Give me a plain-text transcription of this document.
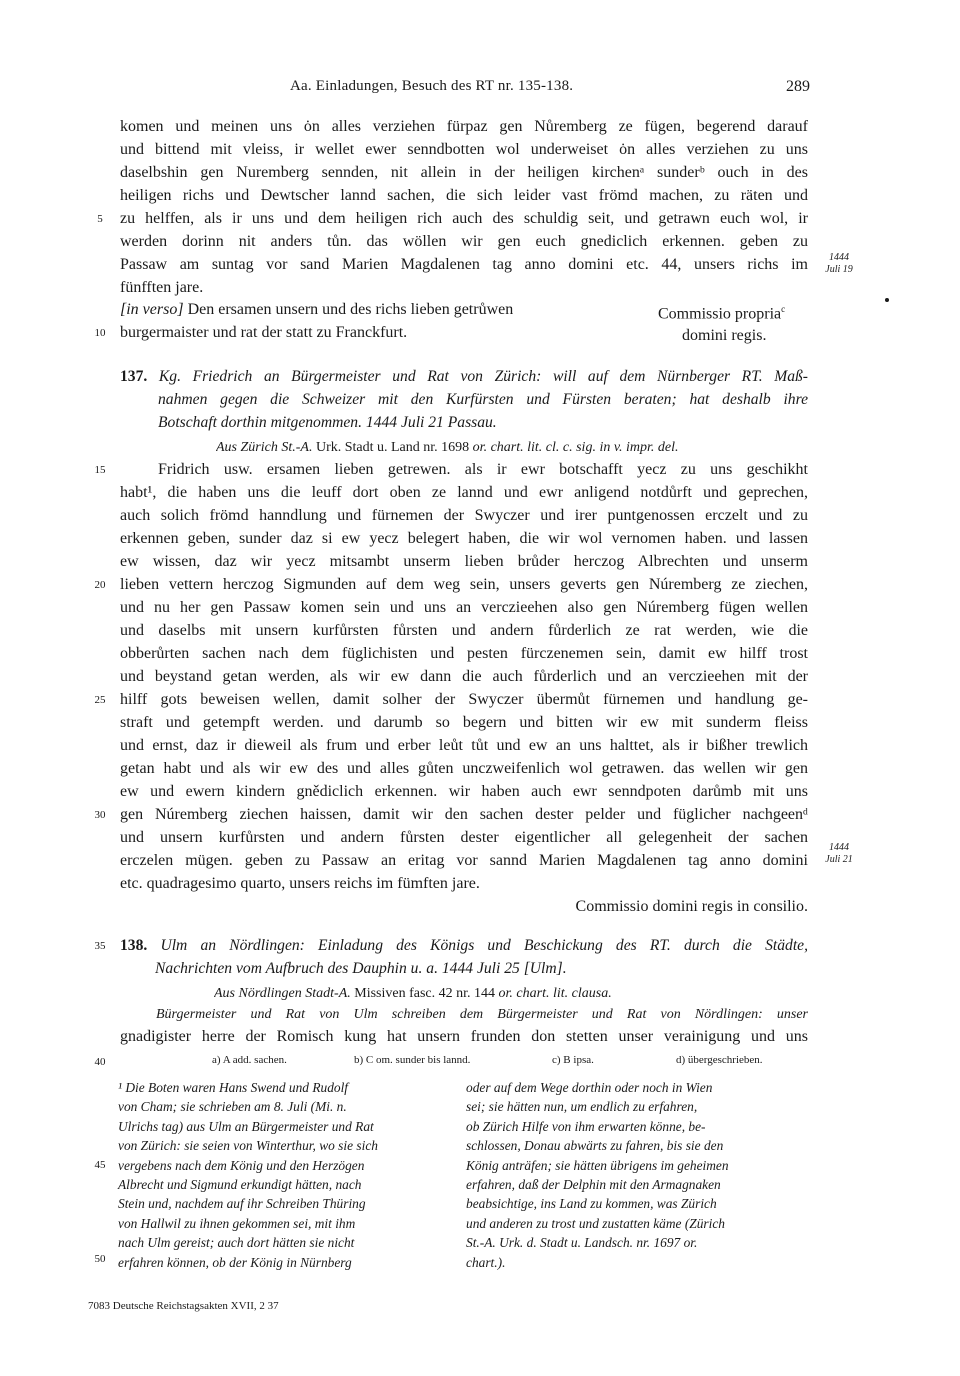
Aa. Einladungen, Besuch des RT nr. 135-138.	289
komen und meinen uns ȯn alles verziehen fürpaz gen Nůremberg ze fügen, begerend darauf
und bittend mit vleiss, ir wellet ewer senndbotten wol underweiset ȯn alles verziehen zu uns
daselbshin gen Nuremberg sennden, nit allein in der heiligen kirchenᵃ sunderᵇ ouch in des
heiligen richs und Dewtscher lannd sachen, die sich leider vast frömd machen, zu räten und
zu helffen, als ir uns und dem heiligen rich auch des schuldig seit, und getrawn euch wol, ir
werden dorinn nit anders tůn. das wöllen wir gen euch gnediclich erkennen. geben zu
Passaw am suntag vor sand Marien Magdalenen tag anno domini etc. 44, unsers richs im
fünfften jare.
[in verso] Den ersamen unsern und des richs lieben getrůwen
burgermaister und rat der statt zu Franckfurt.
Commissio propria$^c$
domini regis.
137. Kg. Friedrich an Bürgermeister und Rat von Zürich: will auf dem Nürnberger RT. Maß-
nahmen gegen die Schweizer mit den Kurfürsten und Fürsten beraten; hat deshalb ihre
Botschaft dorthin mitgenommen. 1444 Juli 21 Passau.
Aus Zürich St.-A. Urk. Stadt u. Land nr. 1698 or. chart. lit. cl. c. sig. in v. impr. del.
Fridrich usw. ersamen lieben getrewen. als ir ewr botschafft yecz zu uns geschikht
habt¹, die haben uns die leuff dort oben ze lannd und ewr anligend notdůrft und geprechen,
auch solich frömd hanndlung und fürnemen der Swyczer und irer puntgenossen erczelt und zu
erkennen geben, sunder daz si ew yecz belegert haben, die wir wol vernomen haben. und lassen
ew wissen, daz wir yecz mitsambt unserm lieben brůder herczog Albrechten und unserm
lieben vettern herczog Sigmunden auf dem weg sein, unsers geverts gen Núremberg ze ziechen,
und nu her gen Passaw komen sein und uns an verczieehen also gen Núremberg fügen wellen
und daselbs mit unsern kurfůrsten fůrsten und andern fůrderlich ze rat werden, wie die
obberůrten sachen nach dem füglichisten und pesten fürczenemen sein, damit ew hilff trost
und beystand getan werden, als wir ew dann die auch fůrderlich und an verczieehen mit der
hilff gots beweisen wellen, damit solher der Swyczer übermůt fürnemen und handlung ge-
straft und getempft werden. und darumb so begern und bitten wir ew mit sunderm fleiss
und ernst, daz ir dieweil als frum und erber leůt tůt und ew an uns halttet, als ir bißher trewlich
getan habt und als wir ew des und alles gůten unczweifenlich wol getrawen. das wellen wir gen
ew und ewern kindern gnědiclich erkennen. wir haben auch ewr senndpoten darůmb mit uns
gen Núremberg ziechen haissen, damit wir den sachen dester pelder und füglicher nachgeenᵈ
und unsern kurfůrsten und andern fůrsten dester eigentlicher all gelegenheit der sachen
erczelen mügen. geben zu Passaw an eritag vor sannd Marien Magdalenen tag anno domini
etc. quadragesimo quarto, unsers reichs im fümften jare.
Commissio domini regis in consilio.
138. Ulm an Nördlingen: Einladung des Königs und Beschickung des RT. durch die Städte,
Nachrichten vom Aufbruch des Dauphin u. a. 1444 Juli 25 [Ulm].
Aus Nördlingen Stadt-A. Missiven fasc. 42 nr. 144 or. chart. lit. clausa.
Bürgermeister und Rat von Ulm schreiben dem Bürgermeister und Rat von Nördlingen: unser
gnadigister herre der Romisch kung hat unsern frunden don stetten unser verainigung und uns
5
10
15
20
25
30
35
40
45
50
1444
Juli 19
1444
Juli 21
a) A add. sachen.	b) C om. sunder bis lannd.	c) B ipsa.	d) übergeschrieben.
¹ Die Boten waren Hans Swend und Rudolf
von Cham; sie schrieben am 8. Juli (Mi. n.
Ulrichs tag) aus Ulm an Bürgermeister und Rat
von Zürich: sie seien von Winterthur, wo sie sich
vergebens nach dem König und den Herzögen
Albrecht und Sigmund erkundigt hätten, nach
Stein und, nachdem auf ihr Schreiben Thüring
von Hallwil zu ihnen gekommen sei, mit ihm
nach Ulm gereist; auch dort hätten sie nicht
erfahren können, ob der König in Nürnberg
oder auf dem Wege dorthin oder noch in Wien
sei; sie hätten nun, um endlich zu erfahren,
ob Zürich Hilfe von ihm erwarten könne, be-
schlossen, Donau abwärts zu fahren, bis sie den
König anträfen; sie hätten übrigens im geheimen
erfahren, daß der Delphin mit den Armagnaken
beabsichtige, ins Land zu kommen, was Zürich
und anderen zu trost und zustatten käme (Zürich
St.-A. Urk. d. Stadt u. Landsch. nr. 1697 or.
chart.).
7083 Deutsche Reichstagsakten XVII, 2 37
